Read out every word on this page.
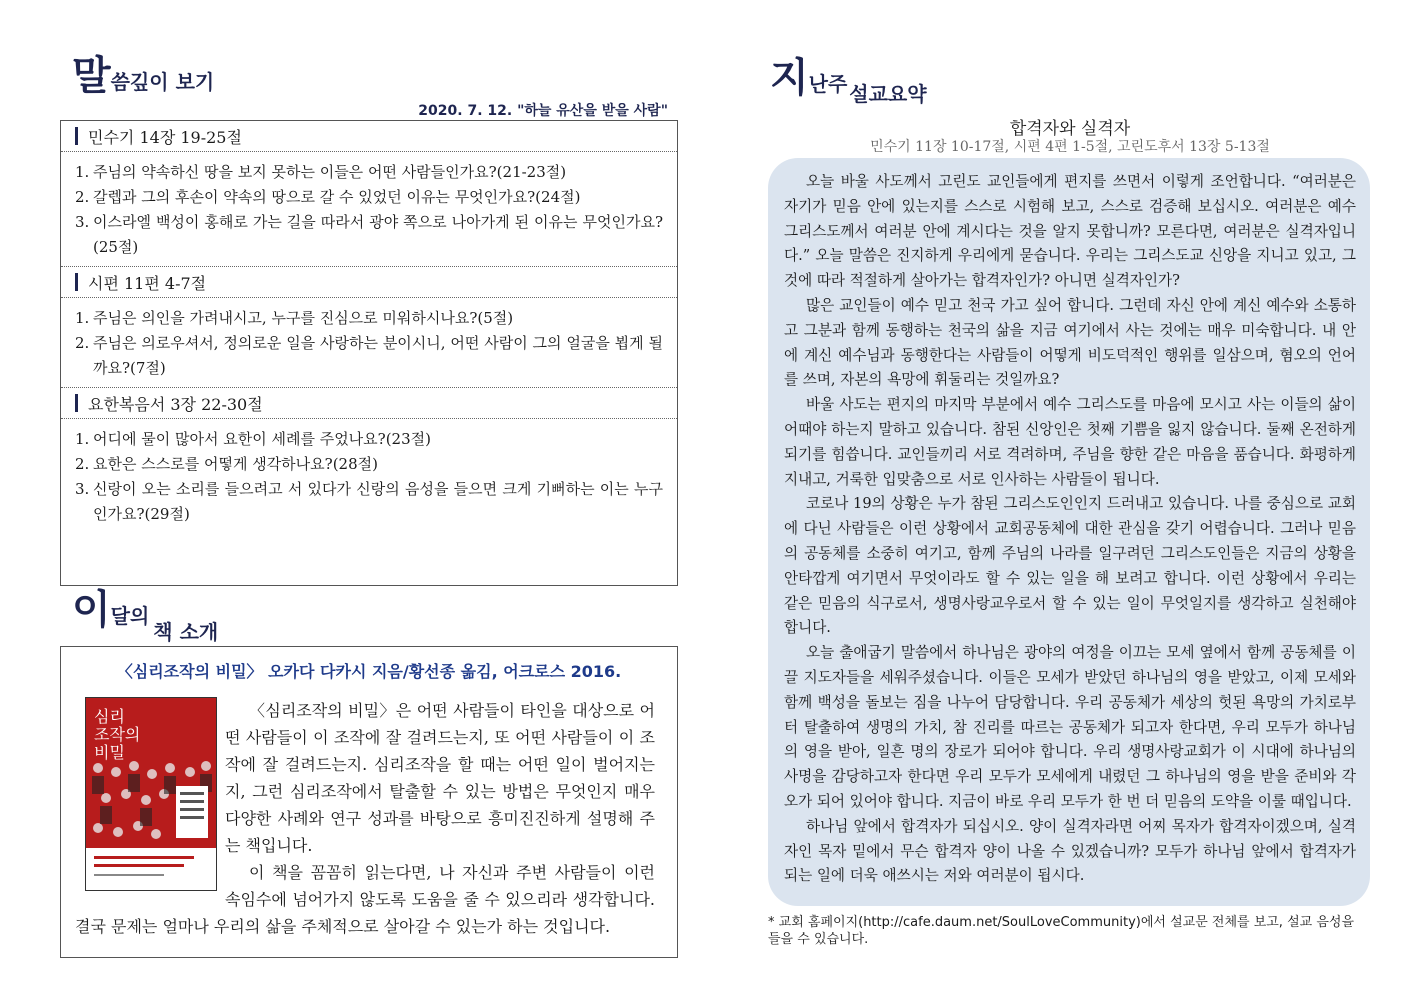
말씀깊이 보기
2020. 7. 12. "하늘 유산을 받을 사람"
민수기 14장 19-25절
1. 주님의 약속하신 땅을 보지 못하는 이들은 어떤 사람들인가요?(21-23절)
2. 갈렙과 그의 후손이 약속의 땅으로 갈 수 있었던 이유는 무엇인가요?(24절)
3. 이스라엘 백성이 홍해로 가는 길을 따라서 광야 쪽으로 나아가게 된 이유는 무엇인가요?(25절)
시편 11편 4-7절
1. 주님은 의인을 가려내시고, 누구를 진심으로 미워하시나요?(5절)
2. 주님은 의로우셔서, 정의로운 일을 사랑하는 분이시니, 어떤 사람이 그의 얼굴을 뵙게 될까요?(7절)
요한복음서 3장 22-30절
1. 어디에 물이 많아서 요한이 세례를 주었나요?(23절)
2. 요한은 스스로를 어떻게 생각하나요?(28절)
3. 신랑이 오는 소리를 들으려고 서 있다가 신랑의 음성을 들으면 크게 기뻐하는 이는 누구인가요?(29절)
이달의책 소개
〈심리조작의 비밀〉 오카다 다카시 지음/황선종 옮김, 어크로스 2016.
심리
조작의
비밀

〈심리조작의 비밀〉은 어떤 사람들이 타인을 대상으로 어떤 사람들이 이 조작에 잘 걸려드는지, 또 어떤 사람들이 이 조작에 잘 걸려드는지. 심리조작을 할 때는 어떤 일이 벌어지는지, 그런 심리조작에서 탈출할 수 있는 방법은 무엇인지 매우 다양한 사례와 연구 성과를 바탕으로 흥미진진하게 설명해 주는 책입니다.

이 책을 꼼꼼히 읽는다면, 나 자신과 주변 사람들이 이런 속임수에 넘어가지 않도록 도움을 줄 수 있으리라 생각합니다. 결국 문제는 얼마나 우리의 삶을 주체적으로 살아갈 수 있는가 하는 것입니다.

지난주 설교요약
합격자와 실격자
민수기 11장 10-17절, 시편 4편 1-5절, 고린도후서 13장 5-13절

오늘 바울 사도께서 고린도 교인들에게 편지를 쓰면서 이렇게 조언합니다. “여러분은 자기가 믿음 안에 있는지를 스스로 시험해 보고, 스스로 검증해 보십시오. 여러분은 예수 그리스도께서 여러분 안에 계시다는 것을 알지 못합니까? 모른다면, 여러분은 실격자입니다.” 오늘 말씀은 진지하게 우리에게 묻습니다. 우리는 그리스도교 신앙을 지니고 있고, 그것에 따라 적절하게 살아가는 합격자인가? 아니면 실격자인가?

많은 교인들이 예수 믿고 천국 가고 싶어 합니다. 그런데 자신 안에 계신 예수와 소통하고 그분과 함께 동행하는 천국의 삶을 지금 여기에서 사는 것에는 매우 미숙합니다. 내 안에 계신 예수님과 동행한다는 사람들이 어떻게 비도덕적인 행위를 일삼으며, 혐오의 언어를 쓰며, 자본의 욕망에 휘둘리는 것일까요?

바울 사도는 편지의 마지막 부분에서 예수 그리스도를 마음에 모시고 사는 이들의 삶이 어때야 하는지 말하고 있습니다. 참된 신앙인은 첫째 기쁨을 잃지 않습니다. 둘째 온전하게 되기를 힘씁니다. 교인들끼리 서로 격려하며, 주님을 향한 같은 마음을 품습니다. 화평하게 지내고, 거룩한 입맞춤으로 서로 인사하는 사람들이 됩니다.

코로나 19의 상황은 누가 참된 그리스도인인지 드러내고 있습니다. 나를 중심으로 교회에 다닌 사람들은 이런 상황에서 교회공동체에 대한 관심을 갖기 어렵습니다. 그러나 믿음의 공동체를 소중히 여기고, 함께 주님의 나라를 일구려던 그리스도인들은 지금의 상황을 안타깝게 여기면서 무엇이라도 할 수 있는 일을 해 보려고 합니다. 이런 상황에서 우리는 같은 믿음의 식구로서, 생명사랑교우로서 할 수 있는 일이 무엇일지를 생각하고 실천해야 합니다.

오늘 출애굽기 말씀에서 하나님은 광야의 여정을 이끄는 모세 옆에서 함께 공동체를 이끌 지도자들을 세워주셨습니다. 이들은 모세가 받았던 하나님의 영을 받았고, 이제 모세와 함께 백성을 돌보는 짐을 나누어 담당합니다. 우리 공동체가 세상의 헛된 욕망의 가치로부터 탈출하여 생명의 가치, 참 진리를 따르는 공동체가 되고자 한다면, 우리 모두가 하나님의 영을 받아, 일흔 명의 장로가 되어야 합니다. 우리 생명사랑교회가 이 시대에 하나님의 사명을 감당하고자 한다면 우리 모두가 모세에게 내렸던 그 하나님의 영을 받을 준비와 각오가 되어 있어야 합니다. 지금이 바로 우리 모두가 한 번 더 믿음의 도약을 이룰 때입니다.

하나님 앞에서 합격자가 되십시오. 양이 실격자라면 어찌 목자가 합격자이겠으며, 실격자인 목자 밑에서 무슨 합격자 양이 나올 수 있겠습니까? 모두가 하나님 앞에서 합격자가 되는 일에 더욱 애쓰시는 저와 여러분이 됩시다.

* 교회 홈페이지(http://cafe.daum.net/SoulLoveCommunity)에서 설교문 전체를 보고, 설교 음성을 들을 수 있습니다.
